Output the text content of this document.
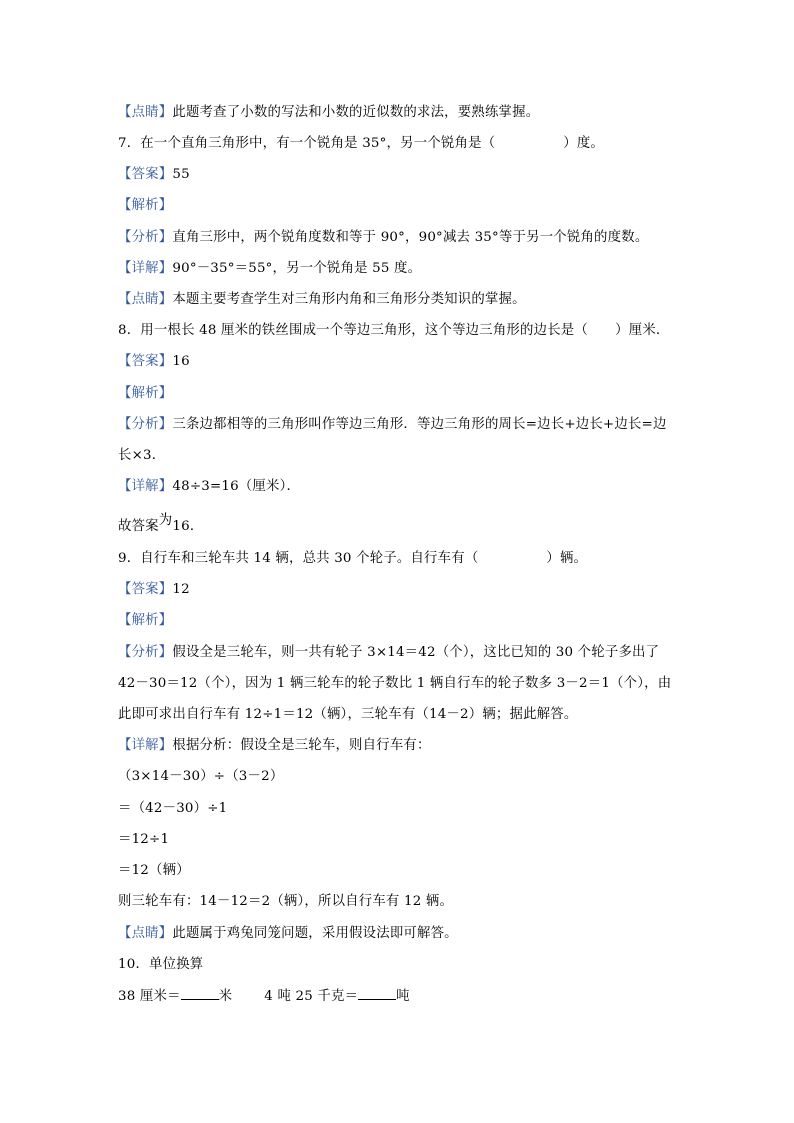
【点睛】此题考查了小数的写法和小数的近似数的求法，要熟练掌握。
7．在一个直角三角形中，有一个锐角是 35°，另一个锐角是（　　　　　）度。
【答案】55
【解析】
【分析】直角三形中，两个锐角度数和等于 90°，90°减去 35°等于另一个锐角的度数。
【详解】90°－35°＝55°，另一个锐角是 55 度。
【点睛】本题主要考查学生对三角形内角和三角形分类知识的掌握。
8．用一根长 48 厘米的铁丝围成一个等边三角形，这个等边三角形的边长是（　　）厘米．
【答案】16
【解析】
【分析】三条边都相等的三角形叫作等边三角形．等边三角形的周长=边长+边长+边长=边
长×3．
【详解】48÷3=16（厘米）．
故答案为16．
9．自行车和三轮车共 14 辆，总共 30 个轮子。自行车有（　　　　　）辆。
【答案】12
【解析】
【分析】假设全是三轮车，则一共有轮子 3×14＝42（个），这比已知的 30 个轮子多出了
42－30＝12（个），因为 1 辆三轮车的轮子数比 1 辆自行车的轮子数多 3－2＝1（个），由
此即可求出自行车有 12÷1＝12（辆），三轮车有（14－2）辆；据此解答。
【详解】根据分析：假设全是三轮车，则自行车有：
（3×14－30）÷（3－2）
＝（42－30）÷1
＝12÷1
＝12（辆）
则三轮车有：14－12＝2（辆），所以自行车有 12 辆。
【点睛】此题属于鸡兔同笼问题，采用假设法即可解答。
10．单位换算
38 厘米＝	米 4 吨 25 千克＝	吨
